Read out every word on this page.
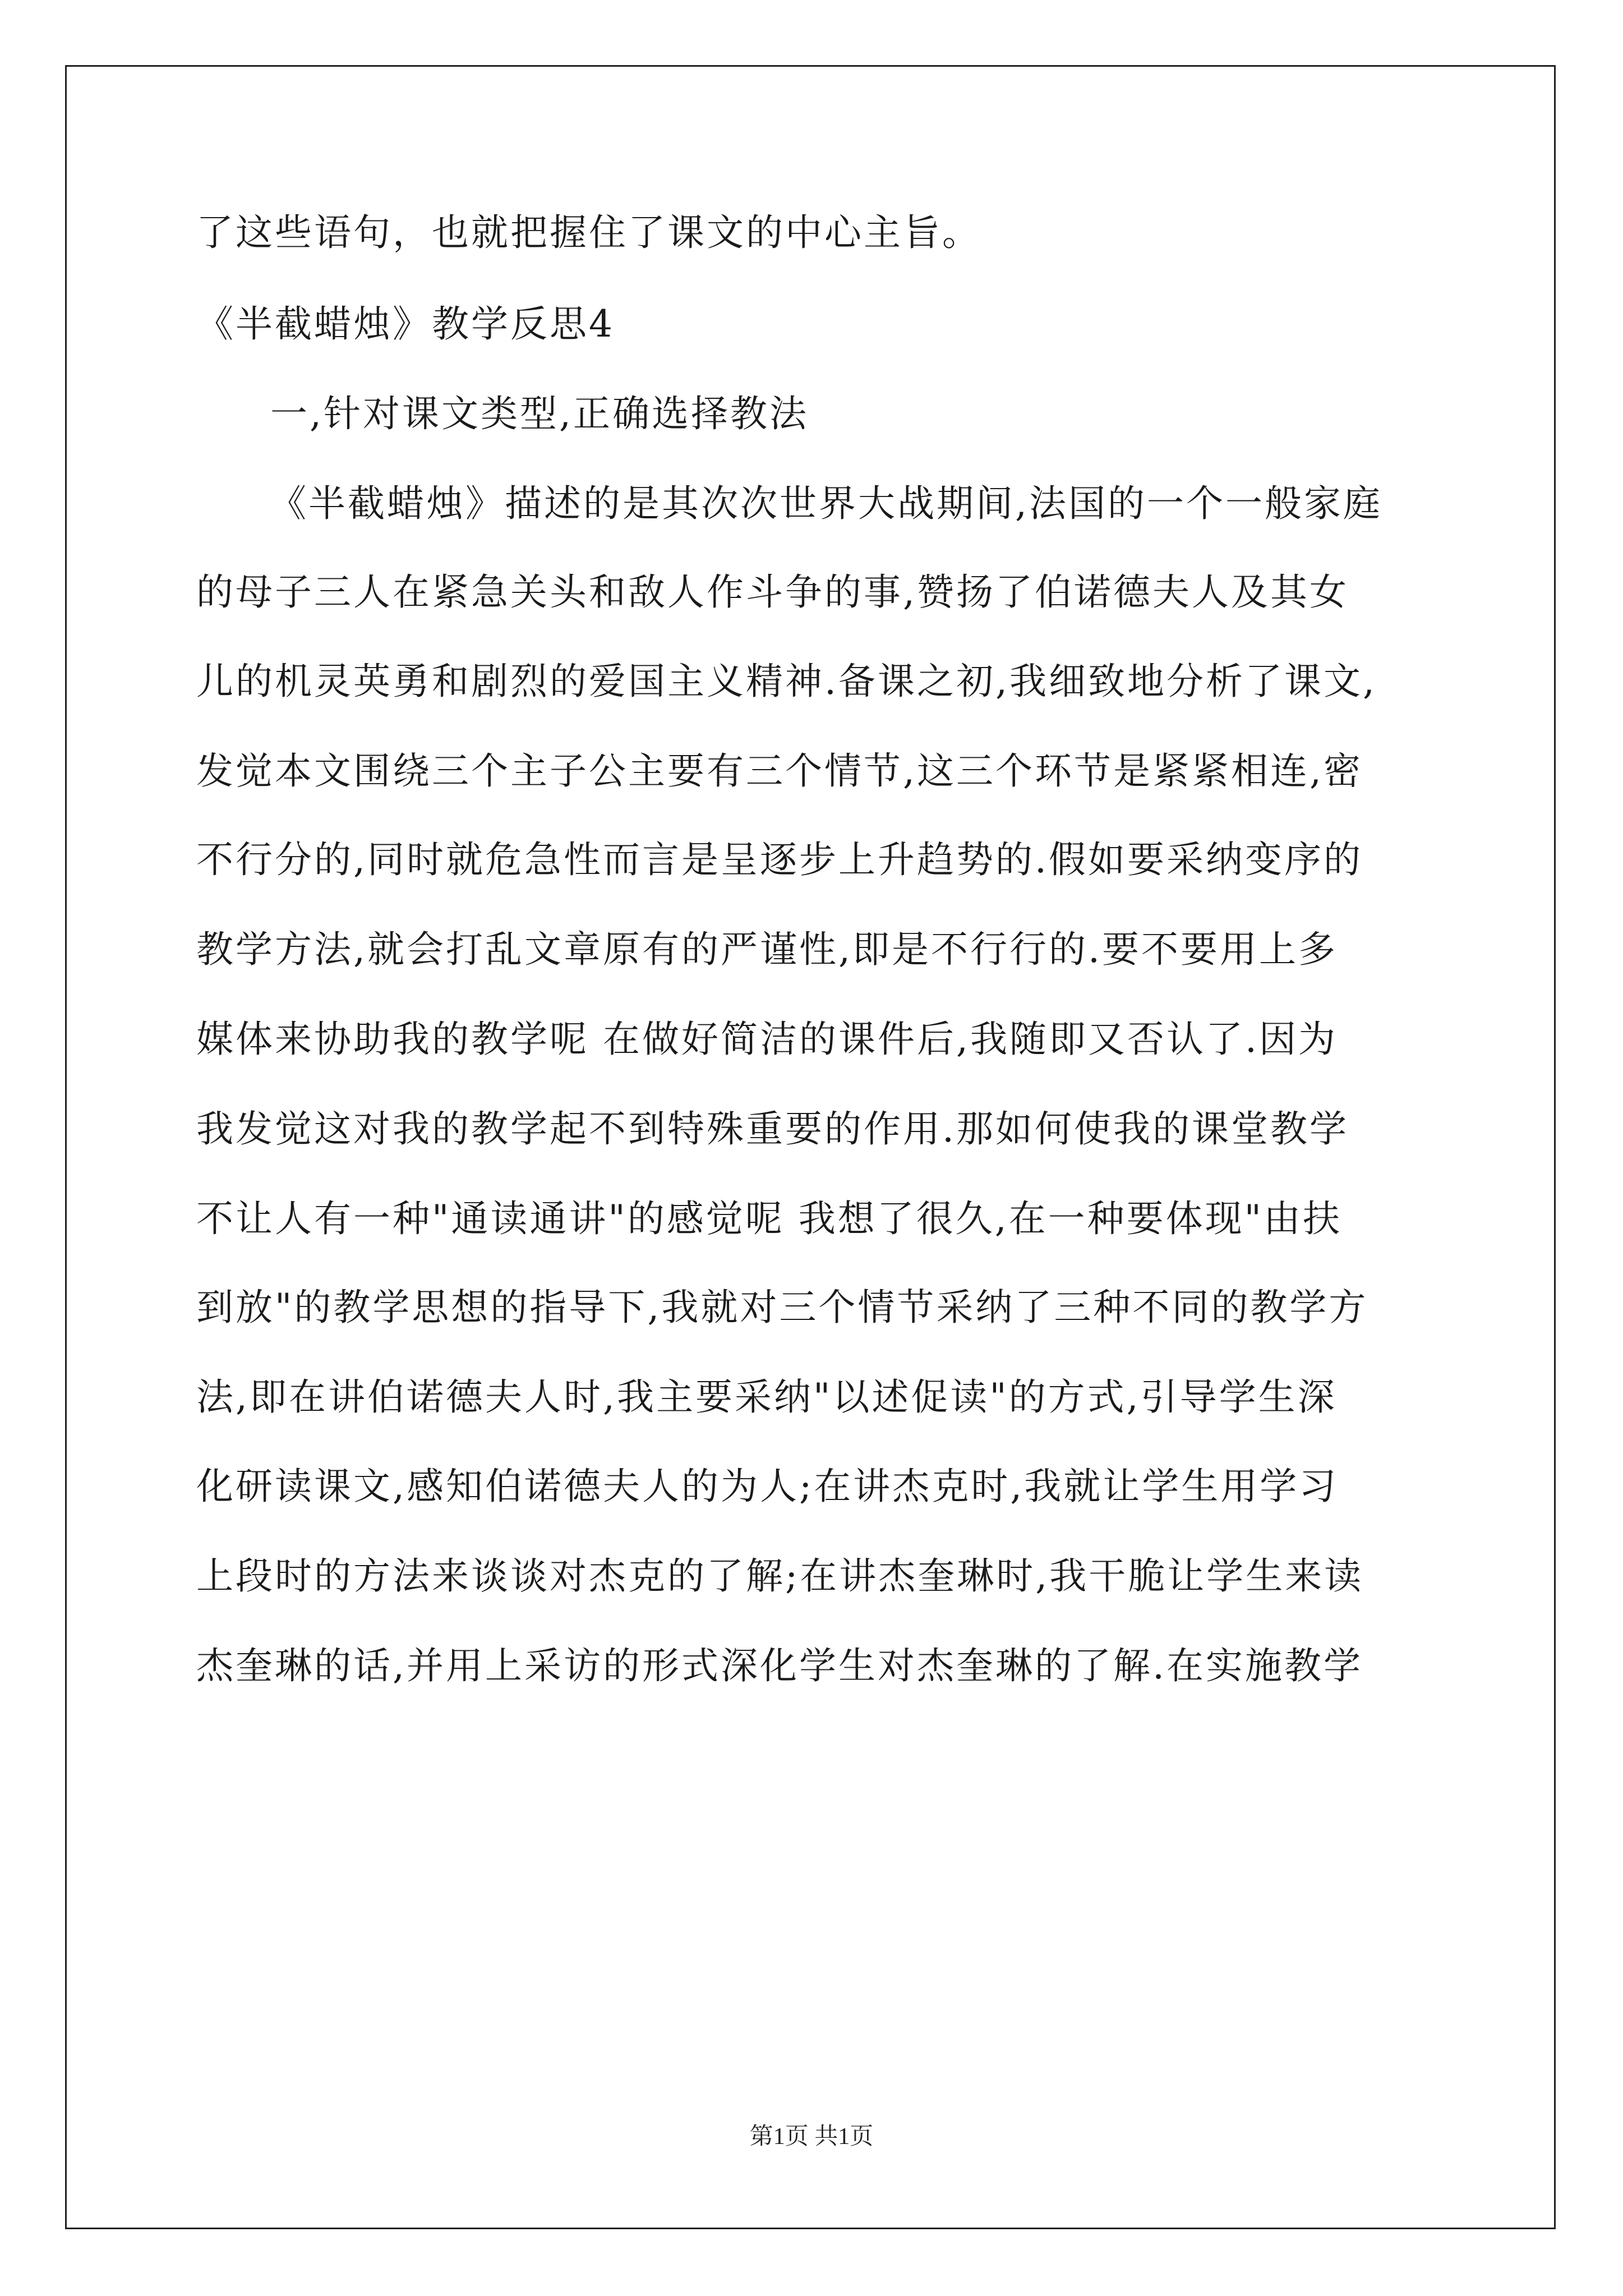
了这些语句，也就把握住了课文的中心主旨。
《半截蜡烛》教学反思4
一,针对课文类型,正确选择教法
《半截蜡烛》描述的是其次次世界大战期间,法国的一个一般家庭
的母子三人在紧急关头和敌人作斗争的事,赞扬了伯诺德夫人及其女
儿的机灵英勇和剧烈的爱国主义精神.备课之初,我细致地分析了课文,
发觉本文围绕三个主子公主要有三个情节,这三个环节是紧紧相连,密
不行分的,同时就危急性而言是呈逐步上升趋势的.假如要采纳变序的
教学方法,就会打乱文章原有的严谨性,即是不行行的.要不要用上多
媒体来协助我的教学呢 在做好简洁的课件后,我随即又否认了.因为
我发觉这对我的教学起不到特殊重要的作用.那如何使我的课堂教学
不让人有一种"通读通讲"的感觉呢 我想了很久,在一种要体现"由扶
到放"的教学思想的指导下,我就对三个情节采纳了三种不同的教学方
法,即在讲伯诺德夫人时,我主要采纳"以述促读"的方式,引导学生深
化研读课文,感知伯诺德夫人的为人;在讲杰克时,我就让学生用学习
上段时的方法来谈谈对杰克的了解;在讲杰奎琳时,我干脆让学生来读
杰奎琳的话,并用上采访的形式深化学生对杰奎琳的了解.在实施教学
第1页 共1页
